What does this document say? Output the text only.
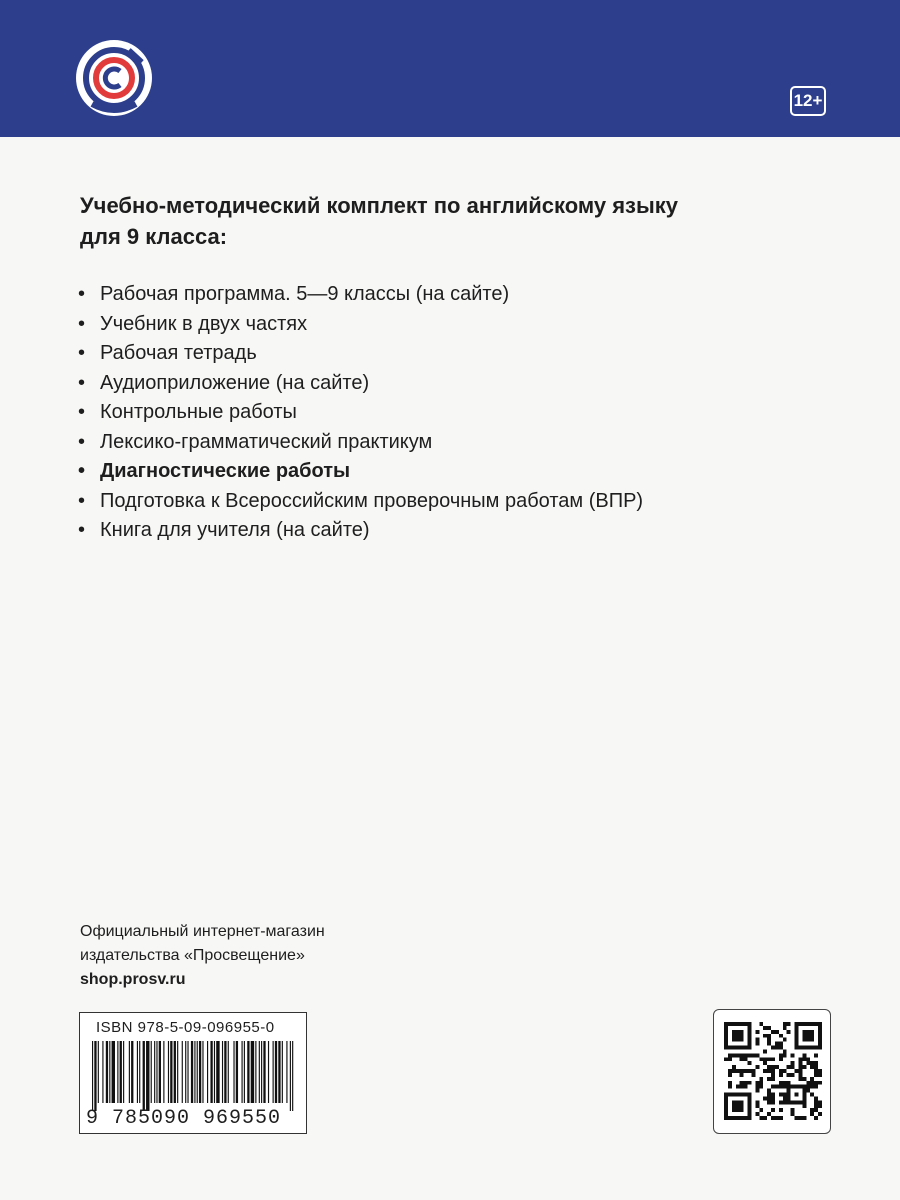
12+
Учебно-методический комплект по английскому языку
для 9 класса:
• Рабочая программа. 5—9 классы (на сайте)
• Учебник в двух частях
• Рабочая тетрадь
• Аудиоприложение (на сайте)
• Контрольные работы
• Лексико-грамматический практикум
• Диагностические работы
• Подготовка к Всероссийским проверочным работам (ВПР)
• Книга для учителя (на сайте)
Официальный интернет-магазин
издательства «Просвещение»
shop.prosv.ru
ISBN 978-5-09-096955-0
9 785090 969550
